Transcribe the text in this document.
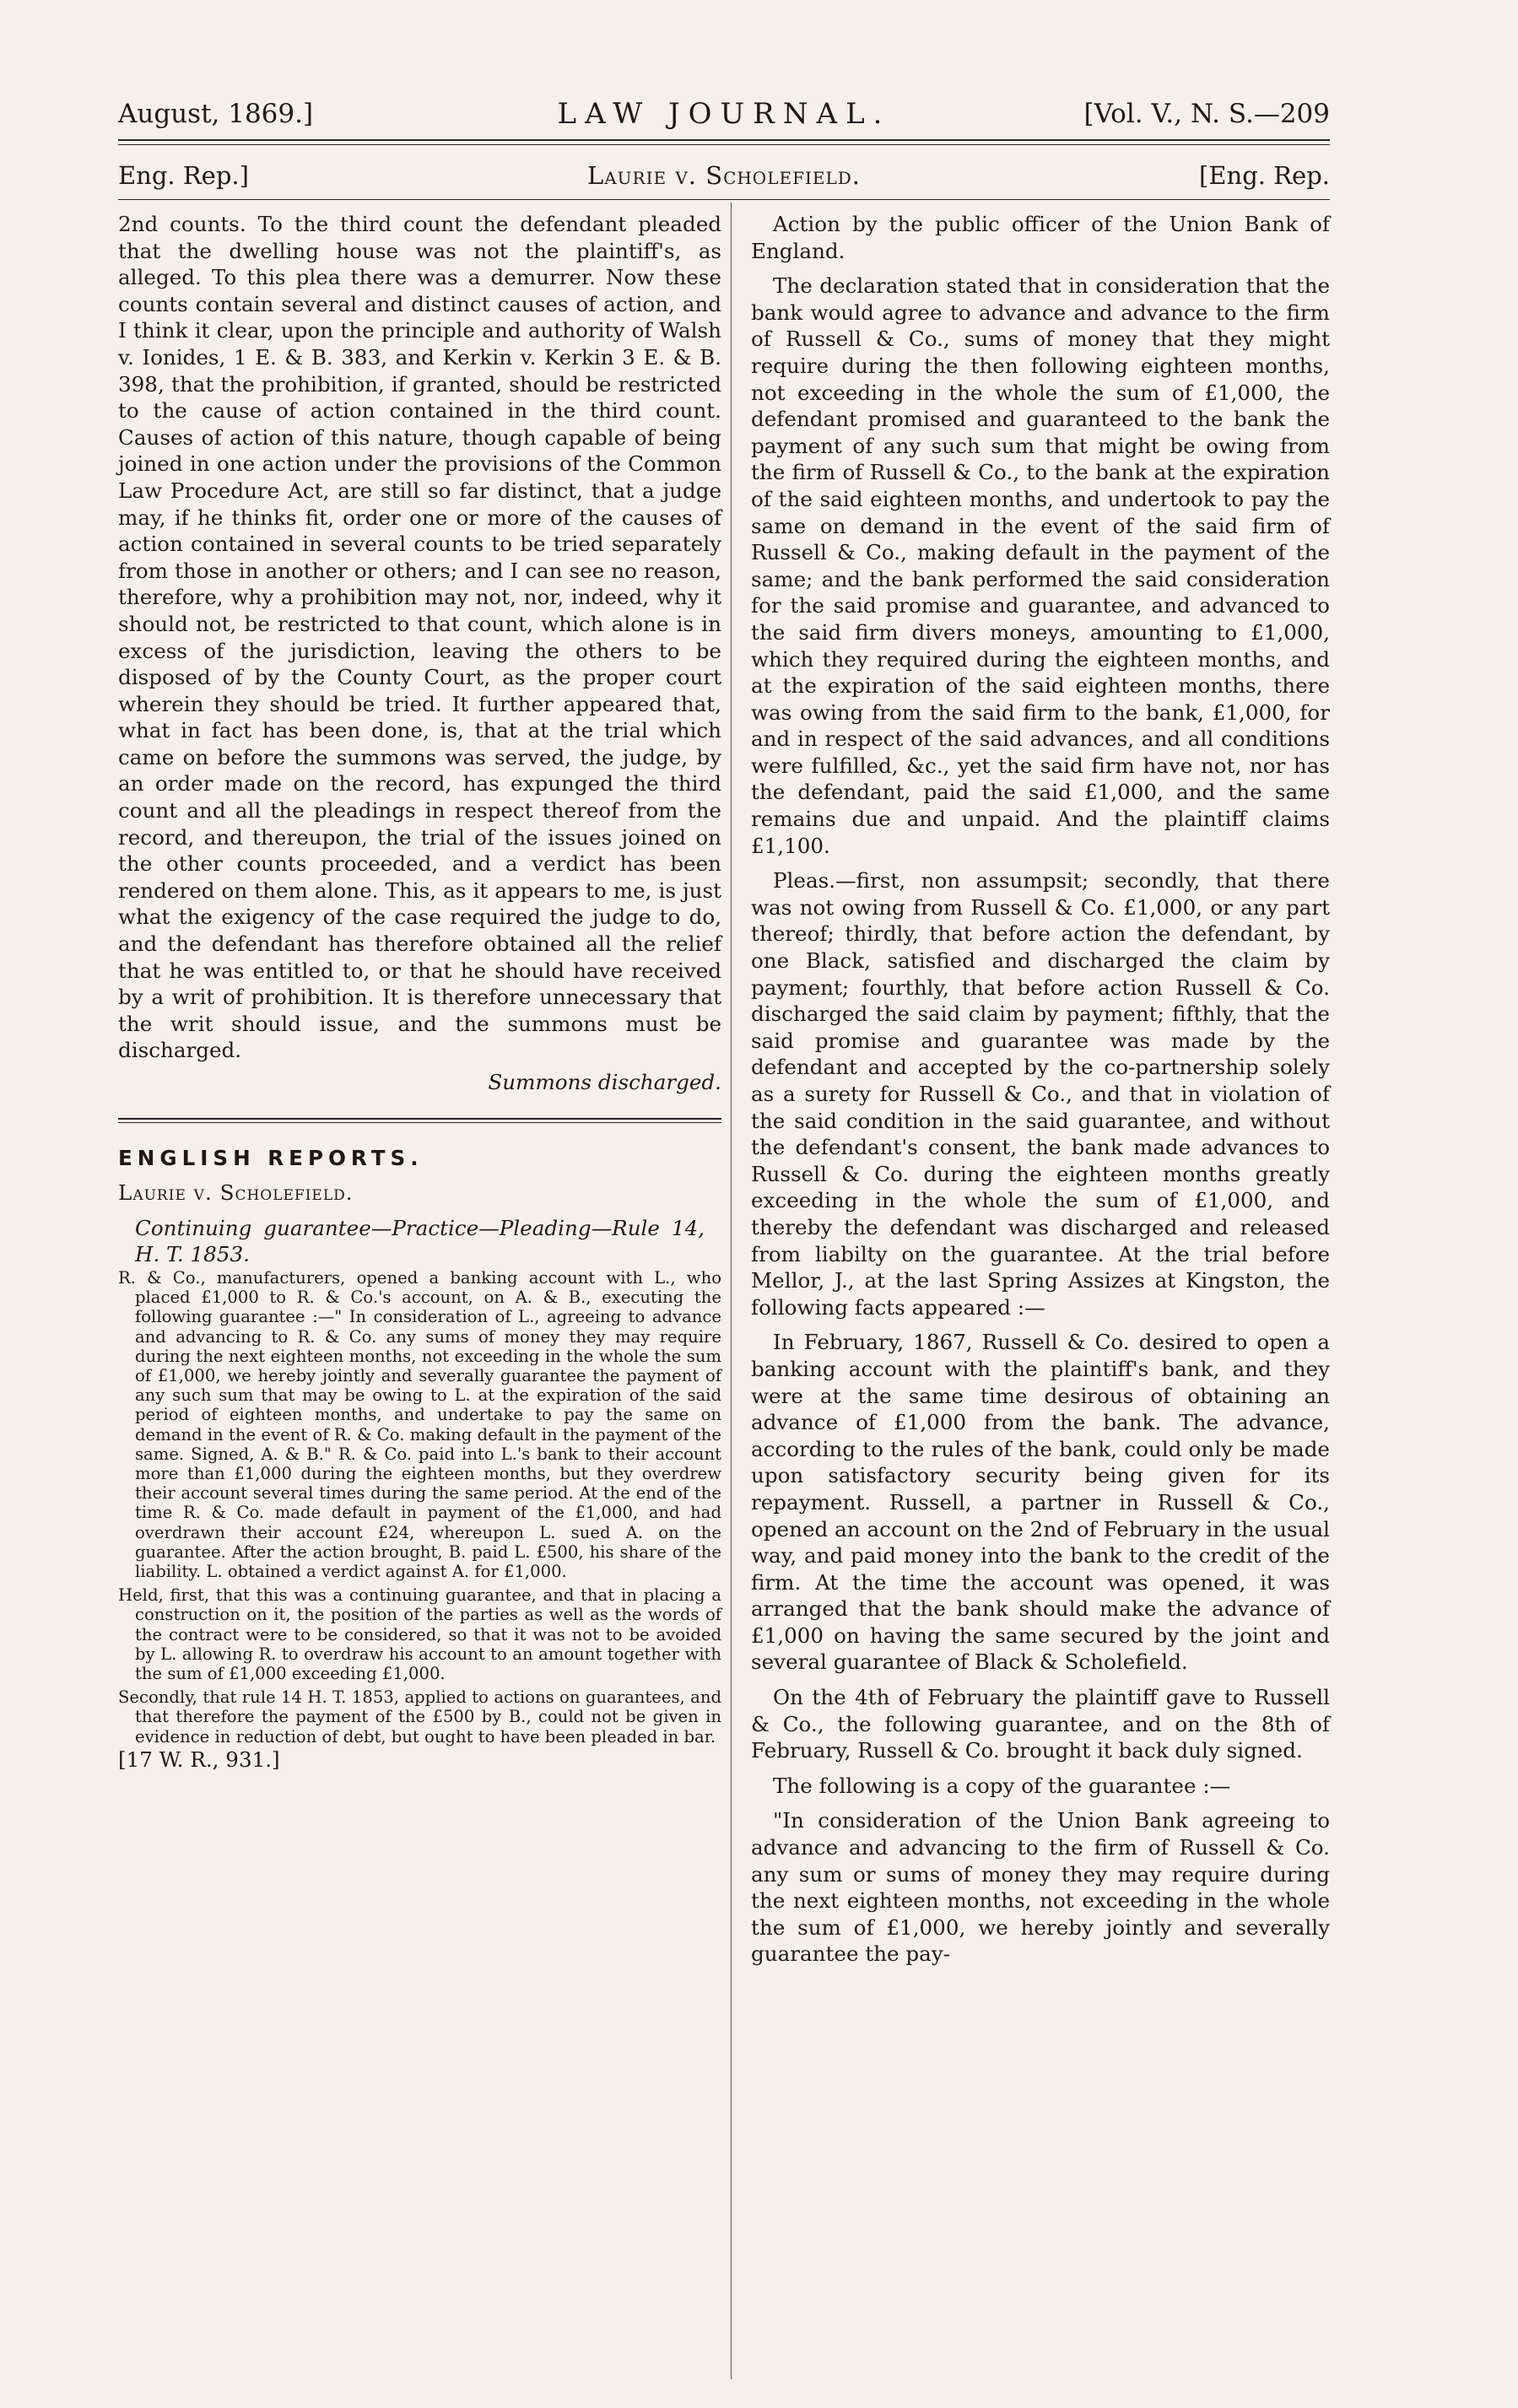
August, 1869.]	LAW JOURNAL.	[Vol. V., N. S.—209
Eng. Rep.]	Laurie v. Scholefield.	[Eng. Rep.

2nd counts. To the third count the defendant pleaded that the dwelling house was not the plaintiff's, as alleged. To this plea there was a demurrer. Now these counts contain several and distinct causes of action, and I think it clear, upon the principle and authority of Walsh v. Ionides, 1 E. & B. 383, and Kerkin v. Kerkin 3 E. & B. 398, that the prohibition, if granted, should be restricted to the cause of action contained in the third count. Causes of action of this nature, though capable of being joined in one action under the provisions of the Common Law Procedure Act, are still so far distinct, that a judge may, if he thinks fit, order one or more of the causes of action contained in several counts to be tried separately from those in another or others; and I can see no reason, therefore, why a prohibition may not, nor, indeed, why it should not, be restricted to that count, which alone is in excess of the jurisdiction, leaving the others to be disposed of by the County Court, as the proper court wherein they should be tried. It further appeared that, what in fact has been done, is, that at the trial which came on before the summons was served, the judge, by an order made on the record, has expunged the third count and all the pleadings in respect thereof from the record, and thereupon, the trial of the issues joined on the other counts proceeded, and a verdict has been rendered on them alone. This, as it appears to me, is just what the exigency of the case required the judge to do, and the defendant has therefore obtained all the relief that he was entitled to, or that he should have received by a writ of prohibition. It is therefore unnecessary that the writ should issue, and the summons must be discharged.

Summons discharged.

ENGLISH REPORTS.

Laurie v. Scholefield.

Continuing guarantee—Practice—Pleading—Rule 14, H. T. 1853.

R. & Co., manufacturers, opened a banking account with L., who placed £1,000 to R. & Co.'s account, on A. & B., executing the following guarantee :—" In consideration of L., agreeing to advance and advancing to R. & Co. any sums of money they may require during the next eighteen months, not exceeding in the whole the sum of £1,000, we hereby jointly and severally guarantee the payment of any such sum that may be owing to L. at the expiration of the said period of eighteen months, and undertake to pay the same on demand in the event of R. & Co. making default in the payment of the same. Signed, A. & B." R. & Co. paid into L.'s bank to their account more than £1,000 during the eighteen months, but they overdrew their account several times during the same period. At the end of the time R. & Co. made default in payment of the £1,000, and had overdrawn their account £24, whereupon L. sued A. on the guarantee. After the action brought, B. paid L. £500, his share of the liability. L. obtained a verdict against A. for £1,000.

Held, first, that this was a continuing guarantee, and that in placing a construction on it, the position of the parties as well as the words of the contract were to be considered, so that it was not to be avoided by L. allowing R. to overdraw his account to an amount together with the sum of £1,000 exceeding £1,000.

Secondly, that rule 14 H. T. 1853, applied to actions on guarantees, and that therefore the payment of the £500 by B., could not be given in evidence in reduction of debt, but ought to have been pleaded in bar.

[17 W. R., 931.]

Action by the public officer of the Union Bank of England.

The declaration stated that in consideration that the bank would agree to advance and advance to the firm of Russell & Co., sums of money that they might require during the then following eighteen months, not exceeding in the whole the sum of £1,000, the defendant promised and guaranteed to the bank the payment of any such sum that might be owing from the firm of Russell & Co., to the bank at the expiration of the said eighteen months, and undertook to pay the same on demand in the event of the said firm of Russell & Co., making default in the payment of the same; and the bank performed the said consideration for the said promise and guarantee, and advanced to the said firm divers moneys, amounting to £1,000, which they required during the eighteen months, and at the expiration of the said eighteen months, there was owing from the said firm to the bank, £1,000, for and in respect of the said advances, and all conditions were fulfilled, &c., yet the said firm have not, nor has the defendant, paid the said £1,000, and the same remains due and unpaid. And the plaintiff claims £1,100.

Pleas.—first, non assumpsit; secondly, that there was not owing from Russell & Co. £1,000, or any part thereof; thirdly, that before action the defendant, by one Black, satisfied and discharged the claim by payment; fourthly, that before action Russell & Co. discharged the said claim by payment; fifthly, that the said promise and guarantee was made by the defendant and accepted by the co-partnership solely as a surety for Russell & Co., and that in violation of the said condition in the said guarantee, and without the defendant's consent, the bank made advances to Russell & Co. during the eighteen months greatly exceeding in the whole the sum of £1,000, and thereby the defendant was discharged and released from liabilty on the guarantee. At the trial before Mellor, J., at the last Spring Assizes at Kingston, the following facts appeared :—

In February, 1867, Russell & Co. desired to open a banking account with the plaintiff's bank, and they were at the same time desirous of obtaining an advance of £1,000 from the bank. The advance, according to the rules of the bank, could only be made upon satisfactory security being given for its repayment. Russell, a partner in Russell & Co., opened an account on the 2nd of February in the usual way, and paid money into the bank to the credit of the firm. At the time the account was opened, it was arranged that the bank should make the advance of £1,000 on having the same secured by the joint and several guarantee of Black & Scholefield.

On the 4th of February the plaintiff gave to Russell & Co., the following guarantee, and on the 8th of February, Russell & Co. brought it back duly signed.

The following is a copy of the guarantee :—

"In consideration of the Union Bank agreeing to advance and advancing to the firm of Russell & Co. any sum or sums of money they may require during the next eighteen months, not exceeding in the whole the sum of £1,000, we hereby jointly and severally guarantee the pay-
